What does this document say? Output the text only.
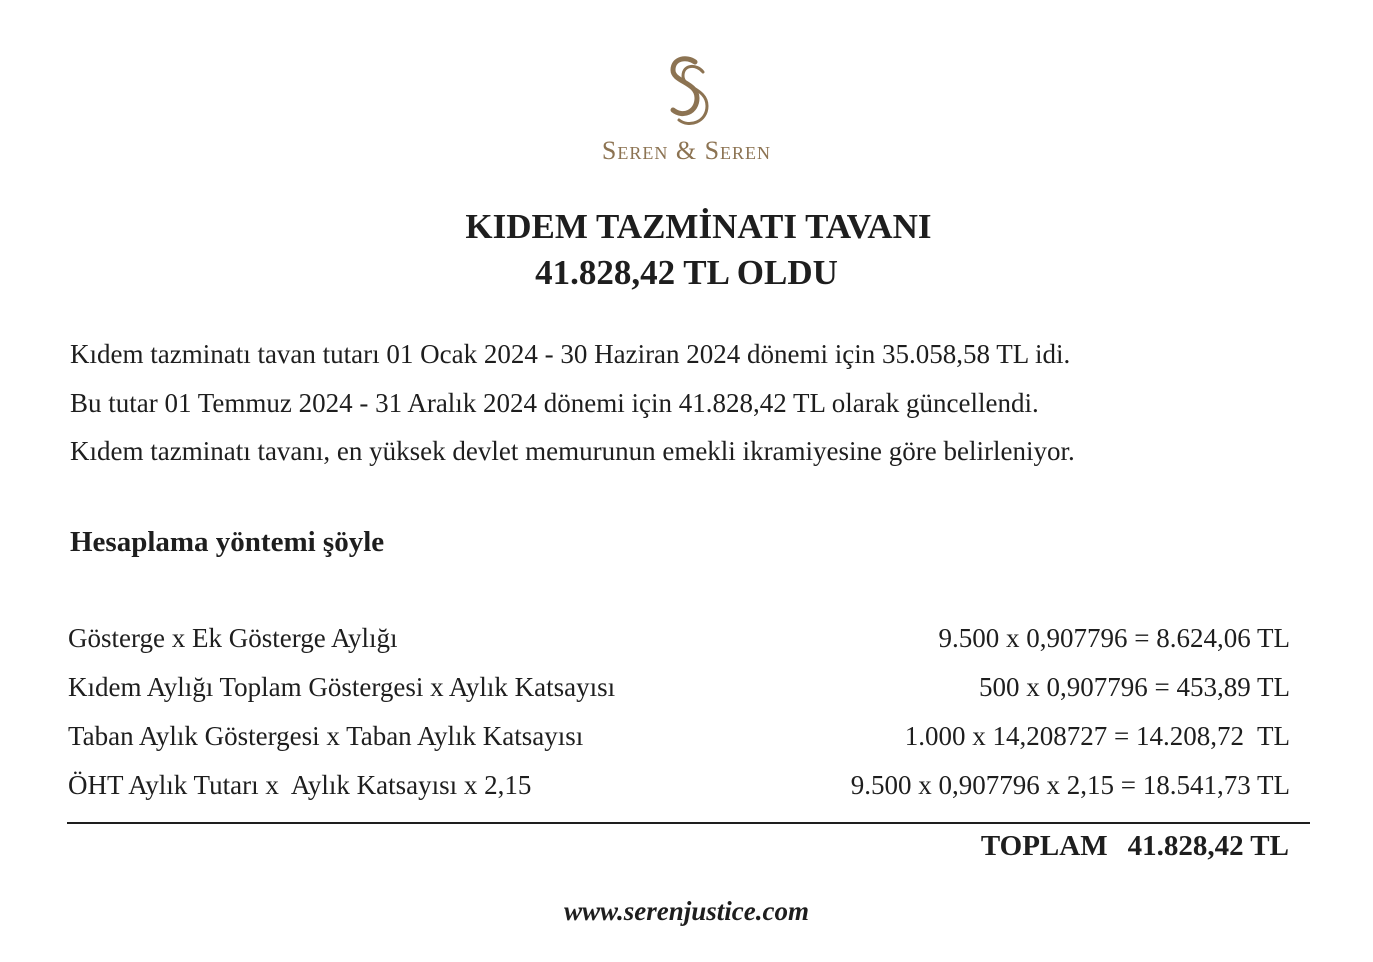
Seren & Seren
KIDEM TAZMİNATI TAVANI
41.828,42 TL OLDU

Kıdem tazminatı tavan tutarı 01 Ocak 2024 - 30 Haziran 2024 dönemi için 35.058,58 TL idi.

Bu tutar 01 Temmuz 2024 - 31 Aralık 2024 dönemi için 41.828,42 TL olarak güncellendi.

Kıdem tazminatı tavanı, en yüksek devlet memurunun emekli ikramiyesine göre belirleniyor.

Hesaplama yöntemi şöyle
Gösterge x Ek Gösterge Aylığı	9.500 x 0,907796 = 8.624,06 TL
Kıdem Aylığı Toplam Göstergesi x Aylık Katsayısı	500 x 0,907796 = 453,89 TL
Taban Aylık Göstergesi x Taban Aylık Katsayısı	1.000 x 14,208727 = 14.208,72  TL
ÖHT Aylık Tutarı x  Aylık Katsayısı x 2,15	9.500 x 0,907796 x 2,15 = 18.541,73 TL
TOPLAM 41.828,42 TL
www.serenjustice.com
